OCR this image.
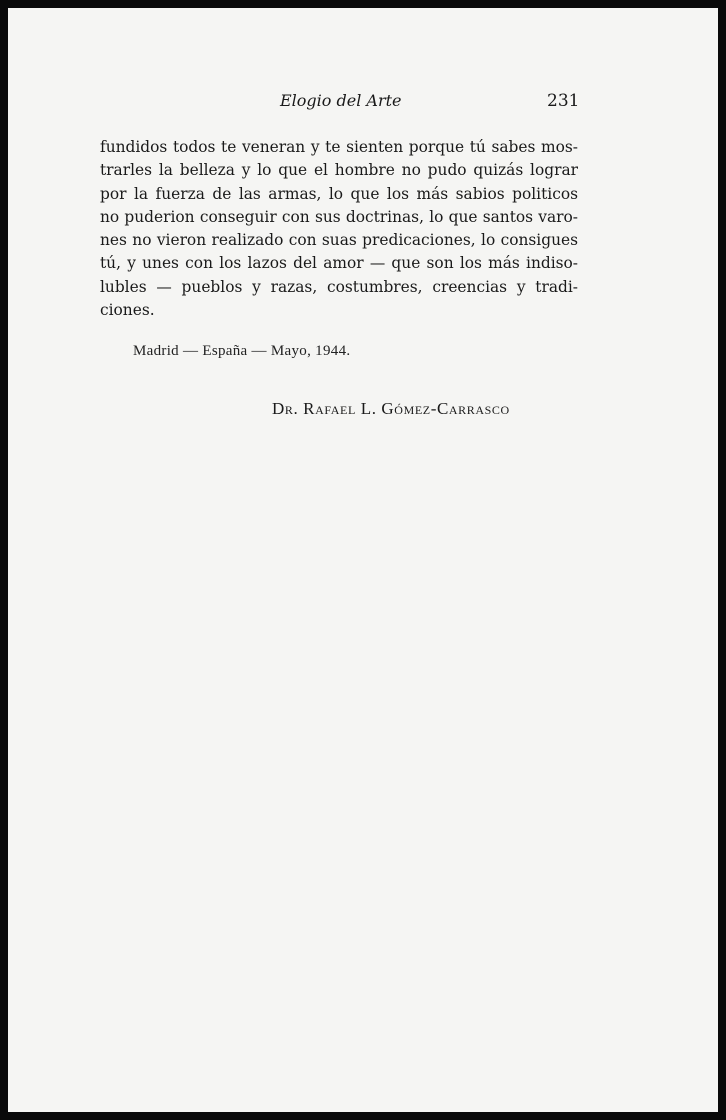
Elogio del Arte	231
fundidos todos te veneran y te sienten porque tú sabes mos-
trarles la belleza y lo que el hombre no pudo quizás lograr
por la fuerza de las armas, lo que los más sabios politicos
no puderion conseguir con sus doctrinas, lo que santos varo-
nes no vieron realizado con suas predicaciones, lo consigues
tú, y unes con los lazos del amor — que son los más indiso-
lubles — pueblos y razas, costumbres, creencias y tradi-
ciones.
Madrid — España — Mayo, 1944.
Dr. Rafael L. Gómez-Carrasco
